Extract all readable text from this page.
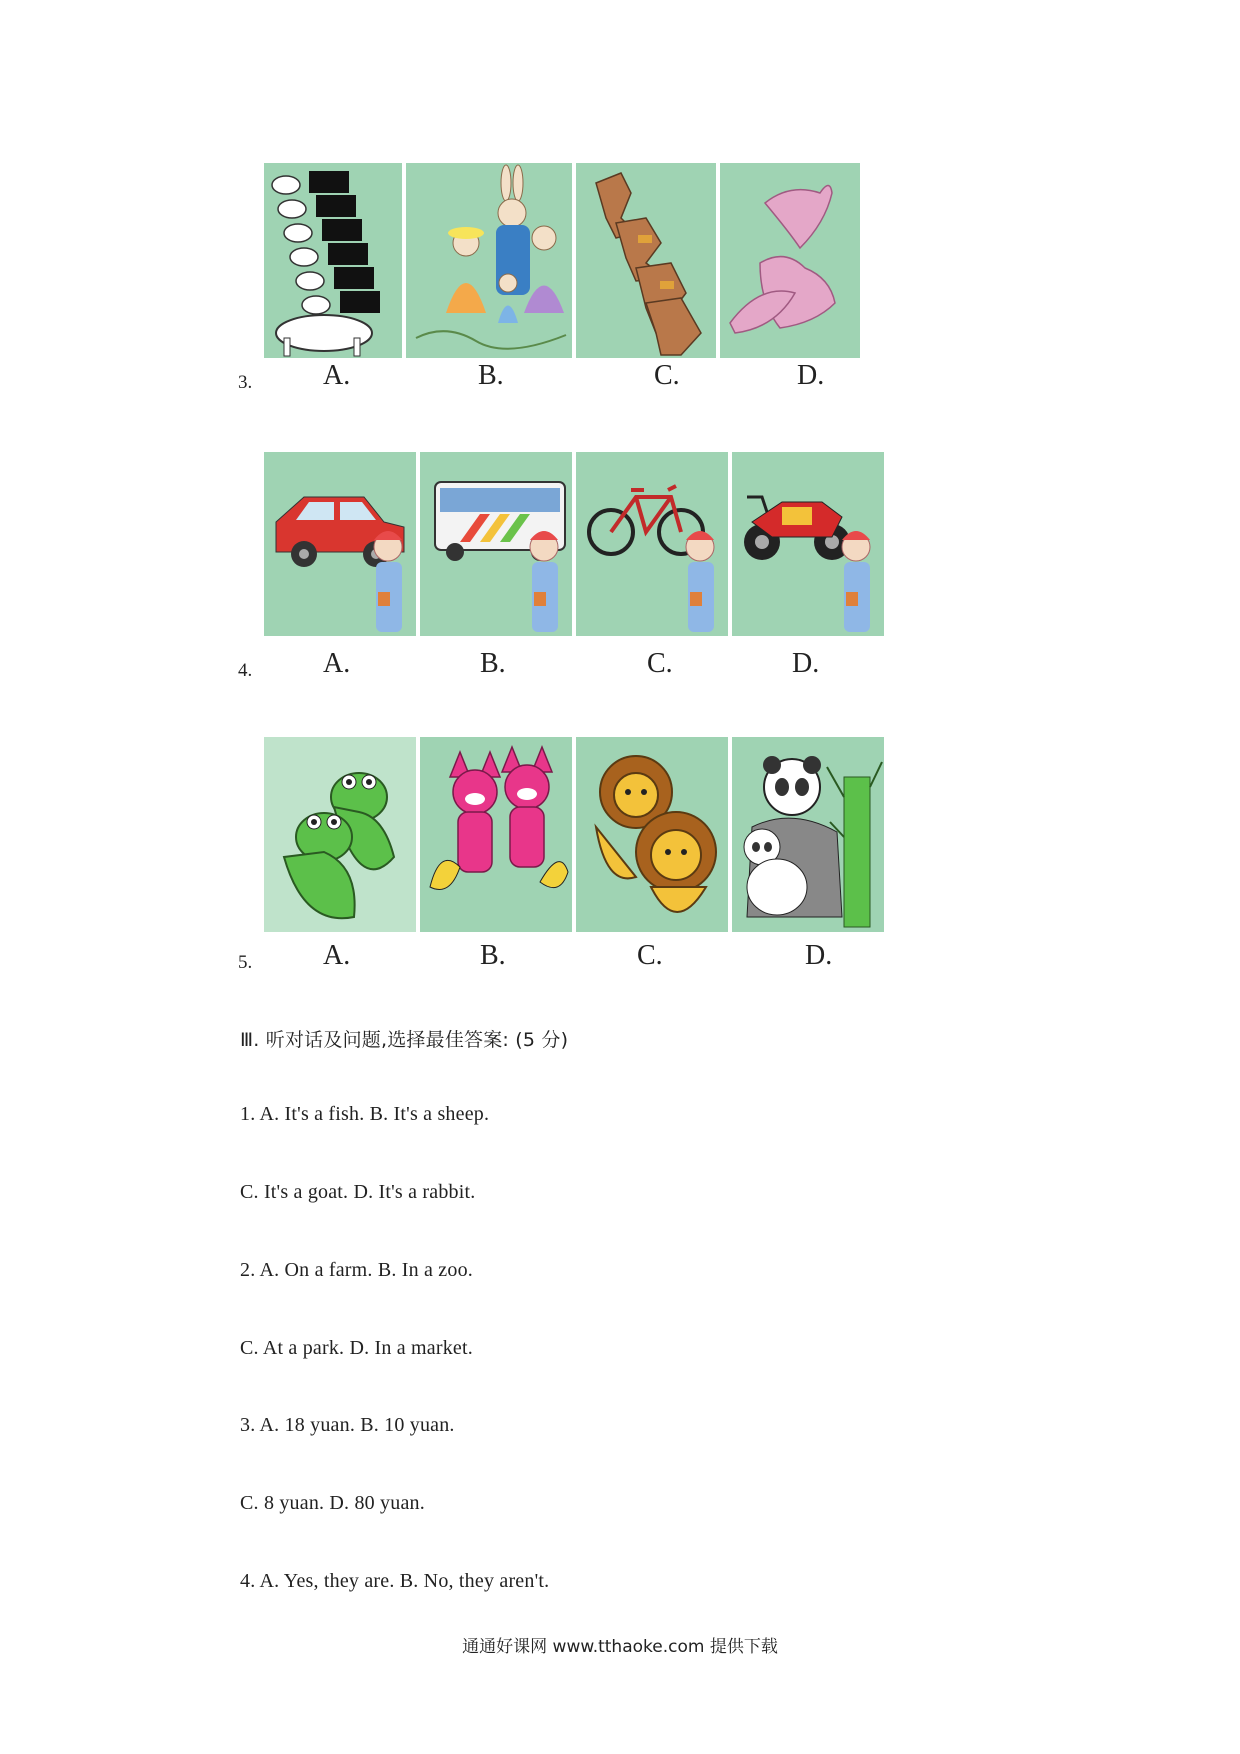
3.	A.	B.	C.	D.
4.	A.	B.	C.	D.
5.	A.	B.	C.	D.
Ⅲ. 听对话及问题,选择最佳答案: (5 分)
1. A. It's a fish. B. It's a sheep.
C. It's a goat. D. It's a rabbit.
2. A. On a farm. B. In a zoo.
C. At a park. D. In a market.
3. A. 18 yuan. B. 10 yuan.
C. 8 yuan. D. 80 yuan.
4. A. Yes, they are. B. No, they aren't.
通通好课网 www.tthaoke.com 提供下载
